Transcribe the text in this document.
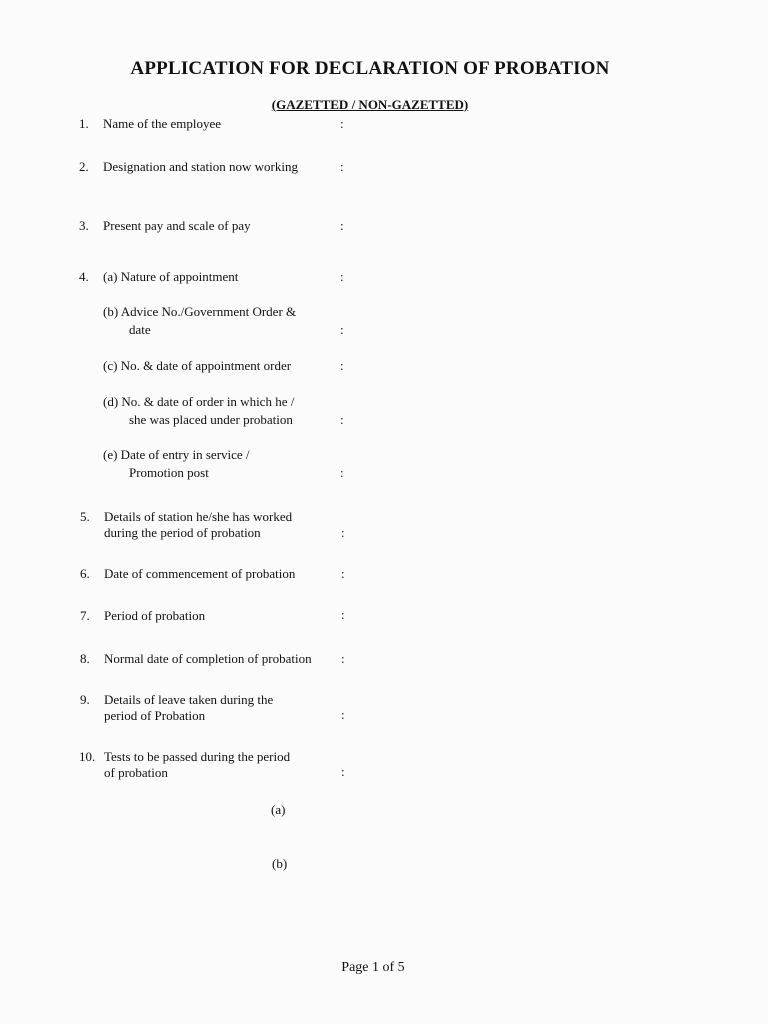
APPLICATION FOR DECLARATION OF PROBATION
(GAZETTED / NON-GAZETTED)
1. Name of the employee	:
2. Designation and station now working	:
3. Present pay and scale of pay	:
4. (a) Nature of appointment	:
(b) Advice No./Government Order &
date	:
(c) No. & date of appointment order	:
(d) No. & date of order in which he /
she was placed under probation	:
(e) Date of entry in service /
Promotion post	:
5. Details of station he/she has worked
during the period of probation	:
6. Date of commencement of probation	:
7. Period of probation	:
8. Normal date of completion of probation :
9. Details of leave taken during the
period of Probation	:
10. Tests to be passed during the period
of probation	:
(a)
(b)
Page 1 of 5
